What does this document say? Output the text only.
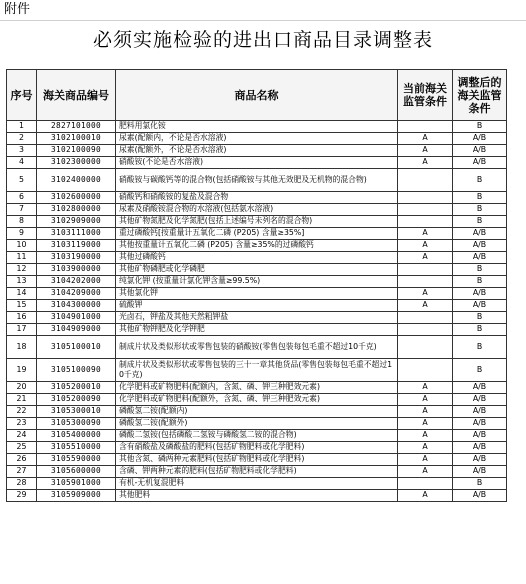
附件
必须实施检验的进出口商品目录调整表
序号	海关商品编号	商品名称	当前海关监管条件	调整后的海关监管条件
1	2827101000	肥料用氯化铵		B
2	3102100010	尿素(配额内，不论是否水溶液)	A	A/B
3	3102100090	尿素(配额外，不论是否水溶液)	A	A/B
4	3102300000	硝酸铵(不论是否水溶液)	A	A/B
5	3102400000	硝酸铵与碳酸钙等的混合物(包括硝酸铵与其他无效肥及无机物的混合物)		B
6	3102600000	硝酸钙和硝酸铵的复盐及混合物		B
7	3102800000	尿素及硝酸铵混合物的水溶液(包括氨水溶液)		B
8	3102909000	其他矿物氮肥及化学氮肥(包括上述编号未列名的混合物)		B
9	3103111000	重过磷酸钙[按重量计五氧化二磷 (P205) 含量≥35%]	A	A/B
10	3103119000	其他按重量计五氧化二磷 (P205) 含量≥35%的过磷酸钙	A	A/B
11	3103190000	其他过磷酸钙	A	A/B
12	3103900000	其他矿物磷肥或化学磷肥		B
13	3104202000	纯氯化钾 (按重量计氯化钾含量≥99.5%)		B
14	3104209000	其他氯化钾	A	A/B
15	3104300000	硫酸钾	A	A/B
16	3104901000	光卤石，钾盐及其他天然粗钾盐		B
17	3104909000	其他矿物钾肥及化学钾肥		B
18	3105100010	制成片状及类似形状或零售包装的硝酸铵(零售包装每包毛重不超过10千克)		B
19	3105100090	制成片状及类似形状或零售包装的三十一章其他货品(零售包装每包毛重不超过10千克)		B
20	3105200010	化学肥料或矿物肥料(配额内，含氮、磷、钾三种肥效元素)	A	A/B
21	3105200090	化学肥料或矿物肥料(配额外，含氮、磷、钾三种肥效元素)	A	A/B
22	3105300010	磷酸氢二铵(配额内)	A	A/B
23	3105300090	磷酸氢二铵(配额外)	A	A/B
24	3105400000	磷酸二氢铵(包括磷酸二氢铵与磷酸氢二铵的混合物)	A	A/B
25	3105510000	含有硝酸盐及磷酸盐的肥料(包括矿物肥料或化学肥料)	A	A/B
26	3105590000	其他含氮、磷两种元素肥料(包括矿物肥料或化学肥料)	A	A/B
27	3105600000	含磷、钾两种元素的肥料(包括矿物肥料或化学肥料)	A	A/B
28	3105901000	有机-无机复混肥料		B
29	3105909000	其他肥料	A	A/B
